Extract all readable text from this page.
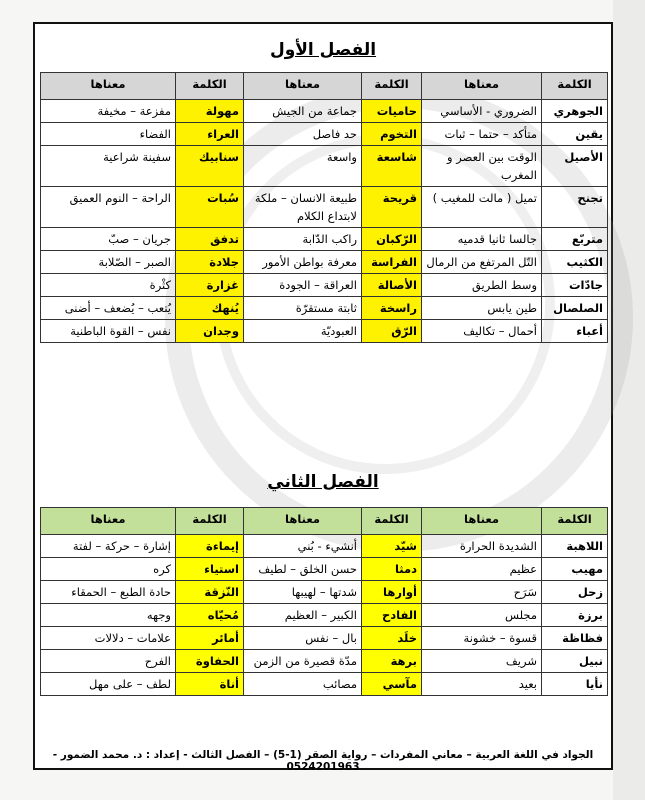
الفصل الأول
الكلمة	معناها	الكلمة	معناها	الكلمة	معناها
الجوهري	الضروري - الأساسي	حاميات	جماعة من الجيش	مهولة	مفزعة – مخيفة
يقين	متأكد – حتما – ثبات	التخوم	حد فاصل	العراء	الفضاء
الأصيل	الوقت بين العصر و المغرب	شاسعة	واسعة	سنابيك	سفينة شراعية
تجنح	تميل ( مالت للمغيب )	قريحة	طبيعة الانسان – ملكة لابتداع الكلام	سُبات	الراحة – النوم العميق
متربّع	جالسا ثانيا قدميه	الرّكبان	راكب الدّابة	تدفق	جريان – صبّ
الكثيب	التّل المرتفع من الرمال	الفراسة	معرفة بواطن الأمور	جلادة	الصبر – الصّلابة
جادّات	وسط الطريق	الأصالة	العراقة – الجودة	غزارة	كثْرة
الصلصال	طين يابس	راسخة	ثابتة مستقرّة	يُنهك	يُتعب – يُضعف – أضنى
أعباء	أحمال – تكاليف	الرّق	العبوديّة	وجدان	نفس – القوة الباطنية
الفصل الثاني
الكلمة	معناها	الكلمة	معناها	الكلمة	معناها
اللاهبة	الشديدة الحرارة	شيّد	أنشيء - بُني	إيماءة	إشارة – حركة – لفتة
مهيب	عظيم	دمثا	حسن الخلق – لطيف	استياء	كره
زحل	سَرَح	أوارها	شدتها – لهيبها	النّزقة	حادة الطبع – الحمقاء
برزة	مجلس	الفادح	الكبير – العظيم	مُحيّاه	وجهه
فظاظة	قسوة – خشونة	خلَد	بال – نفس	أمائر	علامات – دلالات
نبيل	شريف	برهة	مدّة قصيرة من الزمن	الحفاوة	الفرح
نأيا	بعيد	مآسي	مصائب	أناة	لطف – على مهل
الجواد في اللغة العربية – معاني المفردات – رواية الصقر (1-5) – الفصل الثالث - إعداد : د. محمد الضمور - 0524201963
